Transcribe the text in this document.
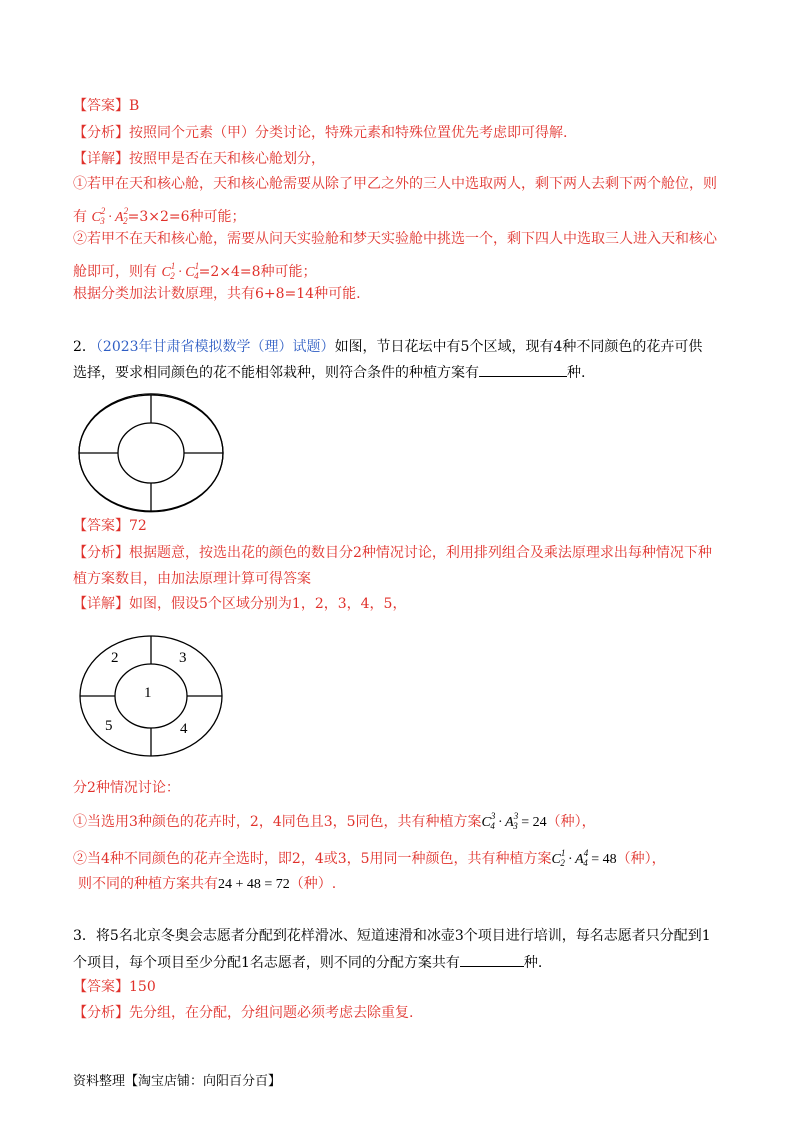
【答案】B
【分析】按照同个元素（甲）分类讨论，特殊元素和特殊位置优先考虑即可得解.
【详解】按照甲是否在天和核心舱划分，
①若甲在天和核心舱，天和核心舱需要从除了甲乙之外的三人中选取两人，剩下两人去剩下两个舱位，则
有 $C^2_3 \cdot A^2_2=3\times 2=6$种可能；
②若甲不在天和核心舱，需要从问天实验舱和梦天实验舱中挑选一个，剩下四人中选取三人进入天和核心
舱即可，则有 $C^1_2 \cdot C^1_4=2\times 4=8$种可能；
根据分类加法计数原理，共有6+8=14种可能.
2．（2023年甘肃省模拟数学（理）试题）如图，节日花坛中有5个区域，现有4种不同颜色的花卉可供
选择，要求相同颜色的花不能相邻栽种，则符合条件的种植方案有	种.
【答案】72
【分析】根据题意，按选出花的颜色的数目分2种情况讨论，利用排列组合及乘法原理求出每种情况下种
植方案数目，由加法原理计算可得答案
【详解】如图，假设5个区域分别为1，2，3，4，5，
1
2	3
4
5
分2种情况讨论：
①当选用3种颜色的花卉时，2，4同色且3，5同色，共有种植方案$C^3_4 \cdot A^3_3 = 24$（种），
②当4种不同颜色的花卉全选时，即2，4或3，5用同一种颜色，共有种植方案$C^1_2 \cdot A^4_4 = 48$（种），
则不同的种植方案共有24 + 48 = 72（种）.
3．将5名北京冬奥会志愿者分配到花样滑冰、短道速滑和冰壶3个项目进行培训，每名志愿者只分配到1
个项目，每个项目至少分配1名志愿者，则不同的分配方案共有	种.
【答案】150
【分析】先分组，在分配，分组问题必须考虑去除重复.
资料整理【淘宝店铺：向阳百分百】
